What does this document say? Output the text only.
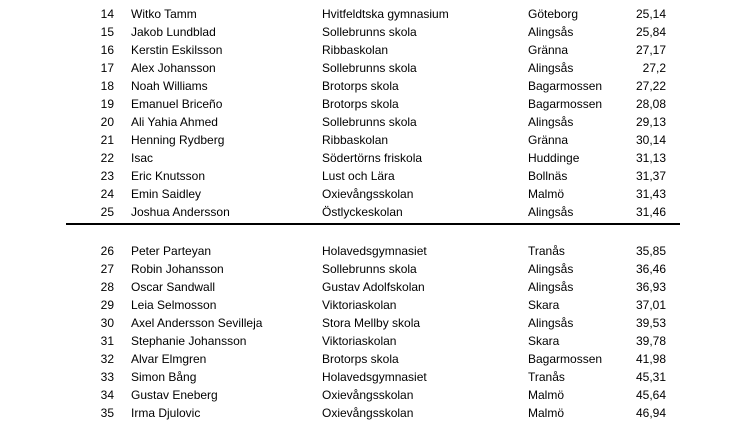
14 Witko Tamm	Hvitfeldtska gymnasium	Göteborg	25,14
15 Jakob Lundblad	Sollebrunns skola	Alingsås	25,84
16 Kerstin Eskilsson	Ribbaskolan	Gränna	27,17
17 Alex Johansson	Sollebrunns skola	Alingsås	27,2
18 Noah Williams	Brotorps skola	Bagarmossen	27,22
19 Emanuel Briceño	Brotorps skola	Bagarmossen	28,08
20 Ali Yahia Ahmed	Sollebrunns skola	Alingsås	29,13
21 Henning Rydberg	Ribbaskolan	Gränna	30,14
22 Isac	Södertörns friskola	Huddinge	31,13
23 Eric Knutsson	Lust och Lära	Bollnäs	31,37
24 Emin Saidley	Oxievångsskolan	Malmö	31,43
25 Joshua Andersson	Östlyckeskolan	Alingsås	31,46
26 Peter Parteyan	Holavedsgymnasiet	Tranås	35,85
27 Robin Johansson	Sollebrunns skola	Alingsås	36,46
28 Oscar Sandwall	Gustav Adolfskolan	Alingsås	36,93
29 Leia Selmosson	Viktoriaskolan	Skara	37,01
30 Axel Andersson Sevilleja	Stora Mellby skola	Alingsås	39,53
31 Stephanie Johansson	Viktoriaskolan	Skara	39,78
32 Alvar Elmgren	Brotorps skola	Bagarmossen	41,98
33 Simon Bång	Holavedsgymnasiet	Tranås	45,31
34 Gustav Eneberg	Oxievångsskolan	Malmö	45,64
35 Irma Djulovic	Oxievångsskolan	Malmö	46,94
